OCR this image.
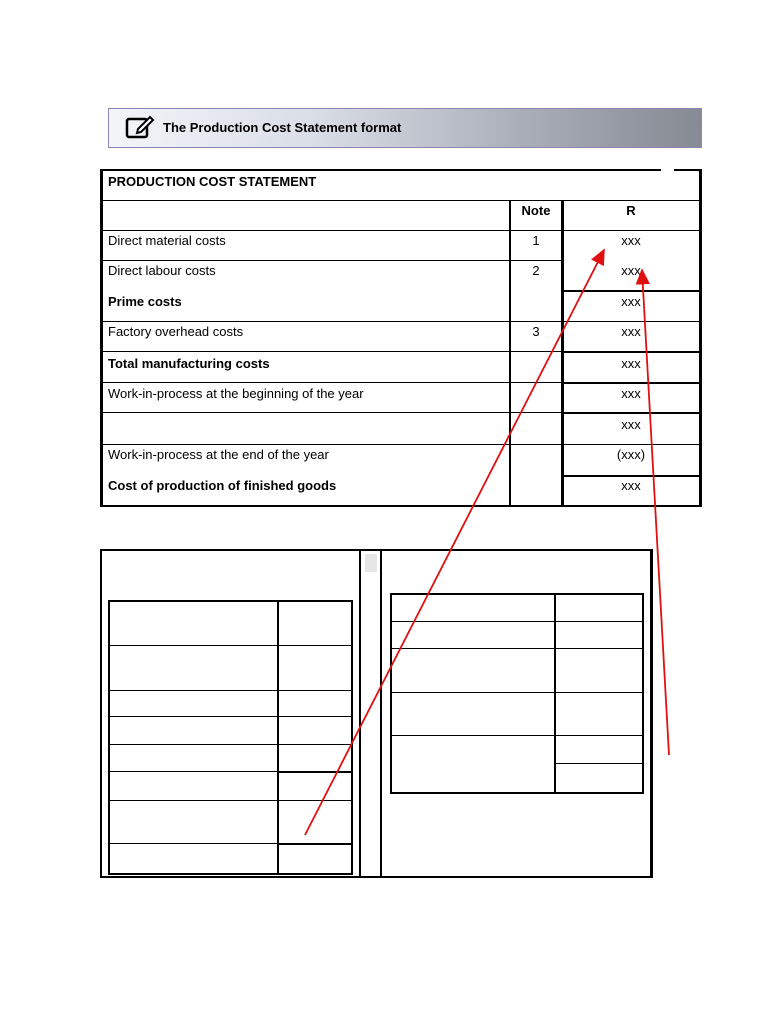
The Production Cost Statement format
PRODUCTION COST STATEMENT
Note	R
Direct material costs	1	xxx
Direct labour costs	2	xxx
Prime costs	xxx
Factory overhead costs	3	xxx
Total manufacturing costs	xxx
Work-in-process at the beginning of the year	xxx
xxx
Work-in-process at the end of the year	(xxx)
Cost of production of finished goods	xxx
